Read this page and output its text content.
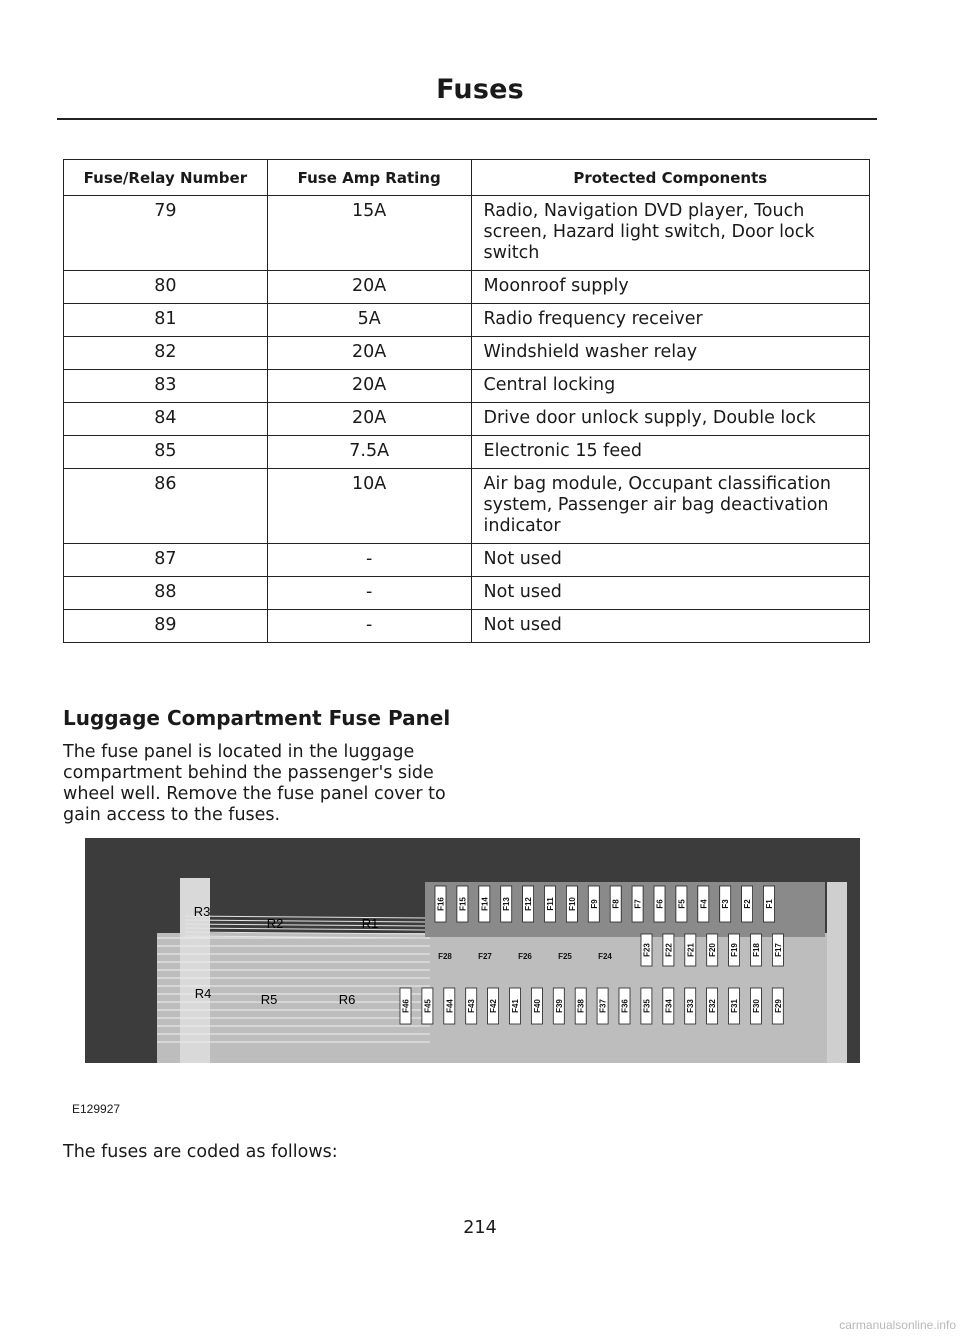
Fuses
Fuse/Relay Number	Fuse Amp Rating	Protected Components
79	15A	Radio, Navigation DVD player, Touch screen, Hazard light switch, Door lock switch
80	20A	Moonroof supply
81	5A	Radio frequency receiver
82	20A	Windshield washer relay
83	20A	Central locking
84	20A	Drive door unlock supply, Double lock
85	7.5A	Electronic 15 feed
86	10A	Air bag module, Occupant classification system, Passenger air bag deactivation indicator
87	-	Not used
88	-	Not used
89	-	Not used
Luggage Compartment Fuse Panel

The fuse panel is located in the luggage compartment behind the passenger's side wheel well. Remove the fuse panel cover to gain access to the fuses.

R1
R2
R3
R4	R5	R6
F16 F15 F14 F13 F12 F11 F10 F9 F8 F7 F6 F5 F4 F3 F2 F1
F28	F27	F26	F25	F24	F23 F22 F21 F20 F19 F18 F17
F46 F45 F44 F43 F42 F41 F40 F39 F38 F37 F36 F35 F34 F33 F32 F31 F30 F29
E129927

The fuses are coded as follows:

214
carmanualsonline.info
